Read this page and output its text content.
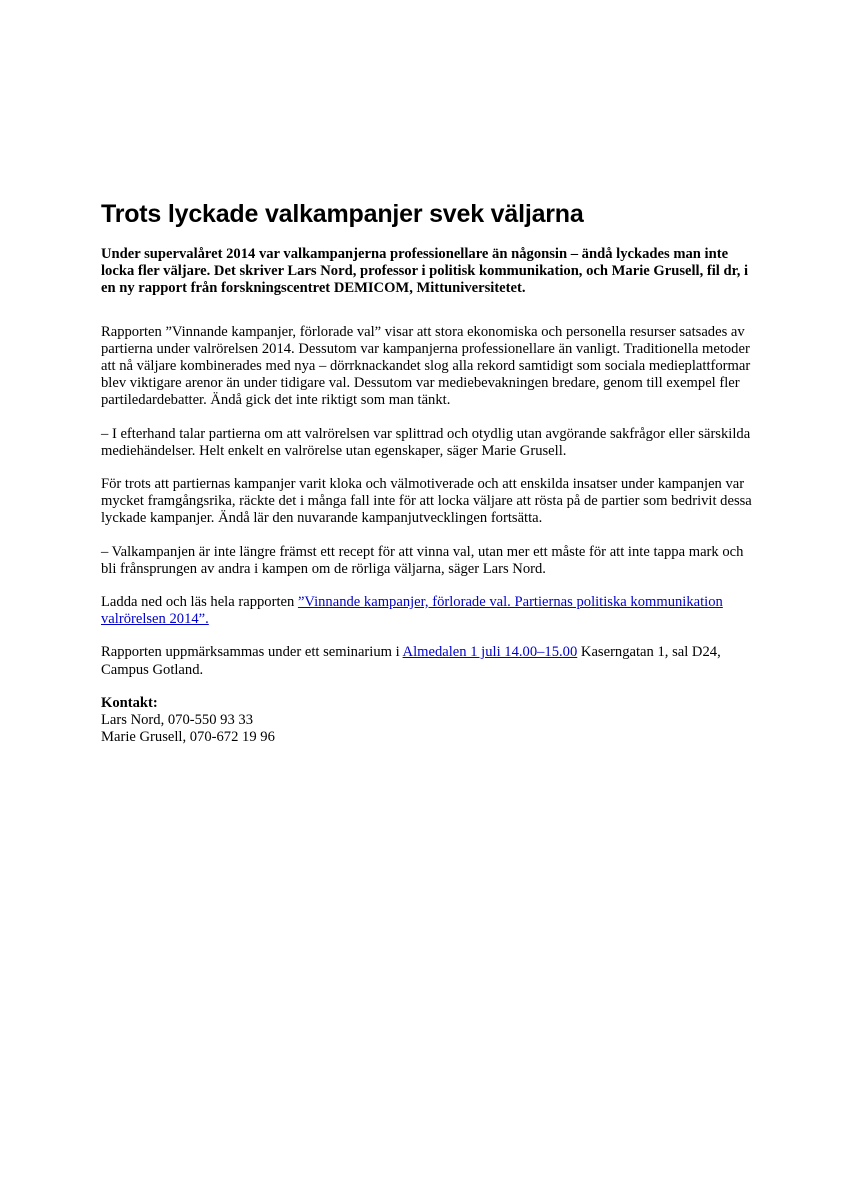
Trots lyckade valkampanjer svek väljarna

Under supervalåret 2014 var valkampanjerna professionellare än någonsin – ändå lyckades man inte locka fler väljare. Det skriver Lars Nord, professor i politisk kommunikation, och Marie Grusell, fil dr, i en ny rapport från forskningscentret DEMICOM, Mittuniversitetet.

Rapporten ”Vinnande kampanjer, förlorade val” visar att stora ekonomiska och personella resurser satsades av partierna under valrörelsen 2014. Dessutom var kampanjerna professionellare än vanligt. Traditionella metoder att nå väljare kombinerades med nya – dörrknackandet slog alla rekord samtidigt som sociala medieplattformar blev viktigare arenor än under tidigare val. Dessutom var mediebevakningen bredare, genom till exempel fler partiledardebatter. Ändå gick det inte riktigt som man tänkt.

– I efterhand talar partierna om att valrörelsen var splittrad och otydlig utan avgörande sakfrågor eller särskilda mediehändelser. Helt enkelt en valrörelse utan egenskaper, säger Marie Grusell.

För trots att partiernas kampanjer varit kloka och välmotiverade och att enskilda insatser under kampanjen var mycket framgångsrika, räckte det i många fall inte för att locka väljare att rösta på de partier som bedrivit dessa lyckade kampanjer. Ändå lär den nuvarande kampanjutvecklingen fortsätta.

– Valkampanjen är inte längre främst ett recept för att vinna val, utan mer ett måste för att inte tappa mark och bli frånsprungen av andra i kampen om de rörliga väljarna, säger Lars Nord.

Ladda ned och läs hela rapporten ”Vinnande kampanjer, förlorade val. Partiernas politiska kommunikation valrörelsen 2014”.

Rapporten uppmärksammas under ett seminarium i Almedalen 1 juli 14.00–15.00 Kaserngatan 1, sal D24, Campus Gotland.

Kontakt:
Lars Nord, 070-550 93 33
Marie Grusell, 070-672 19 96
